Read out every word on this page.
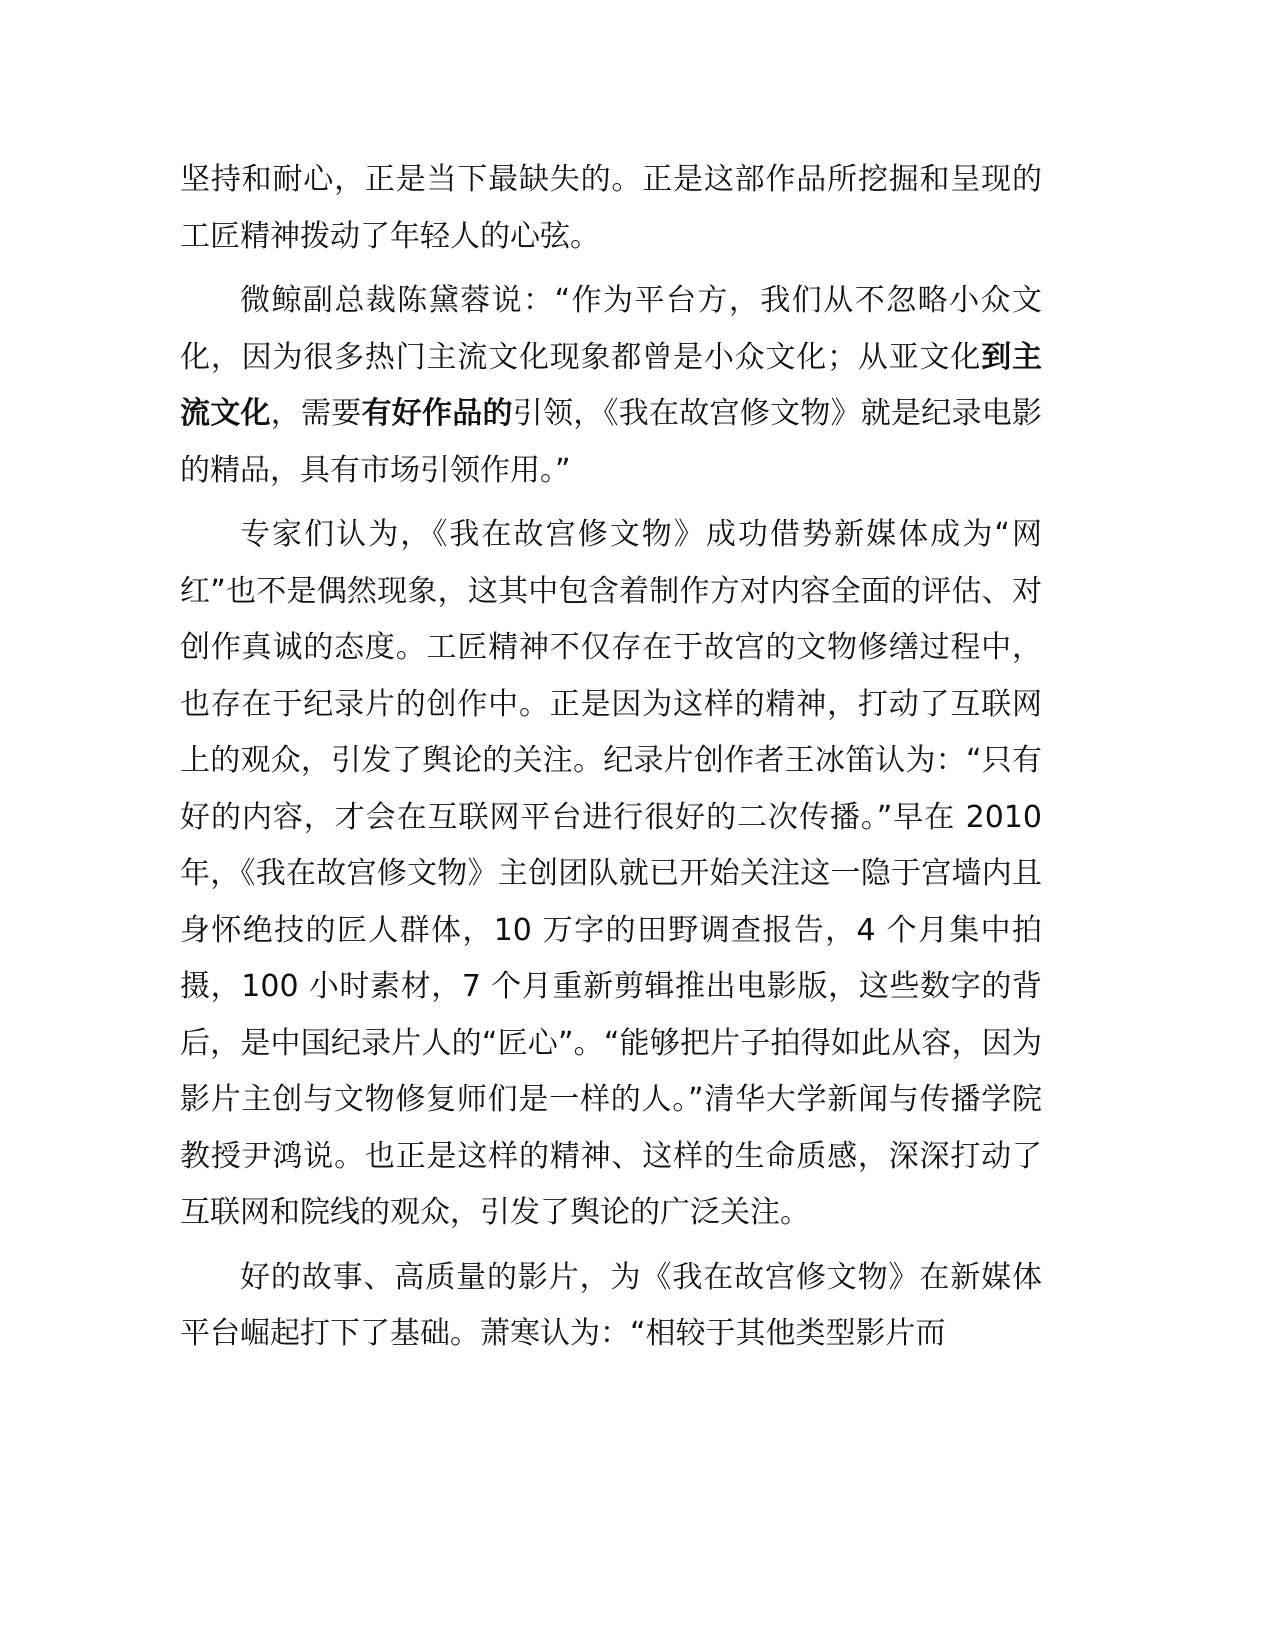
坚持和耐心，正是当下最缺失的。正是这部作品所挖掘和呈现的工匠精神拨动了年轻人的心弦。

微鲸副总裁陈黛蓉说：“作为平台方，我们从不忽略小众文化，因为很多热门主流文化现象都曾是小众文化；从亚文化到主流文化，需要有好作品的引领，《我在故宫修文物》就是纪录电影的精品，具有市场引领作用。”

专家们认为，《我在故宫修文物》成功借势新媒体成为“网红”也不是偶然现象，这其中包含着制作方对内容全面的评估、对创作真诚的态度。工匠精神不仅存在于故宫的文物修缮过程中，也存在于纪录片的创作中。正是因为这样的精神，打动了互联网上的观众，引发了舆论的关注。纪录片创作者王冰笛认为：“只有好的内容，才会在互联网平台进行很好的二次传播。”早在 2010 年，《我在故宫修文物》主创团队就已开始关注这一隐于宫墙内且身怀绝技的匠人群体，10 万字的田野调查报告，4 个月集中拍摄，100 小时素材，7 个月重新剪辑推出电影版，这些数字的背后，是中国纪录片人的“匠心”。“能够把片子拍得如此从容，因为影片主创与文物修复师们是一样的人。”清华大学新闻与传播学院教授尹鸿说。也正是这样的精神、这样的生命质感，深深打动了互联网和院线的观众，引发了舆论的广泛关注。

好的故事、高质量的影片，为《我在故宫修文物》在新媒体平台崛起打下了基础。萧寒认为：“相较于其他类型影片而
